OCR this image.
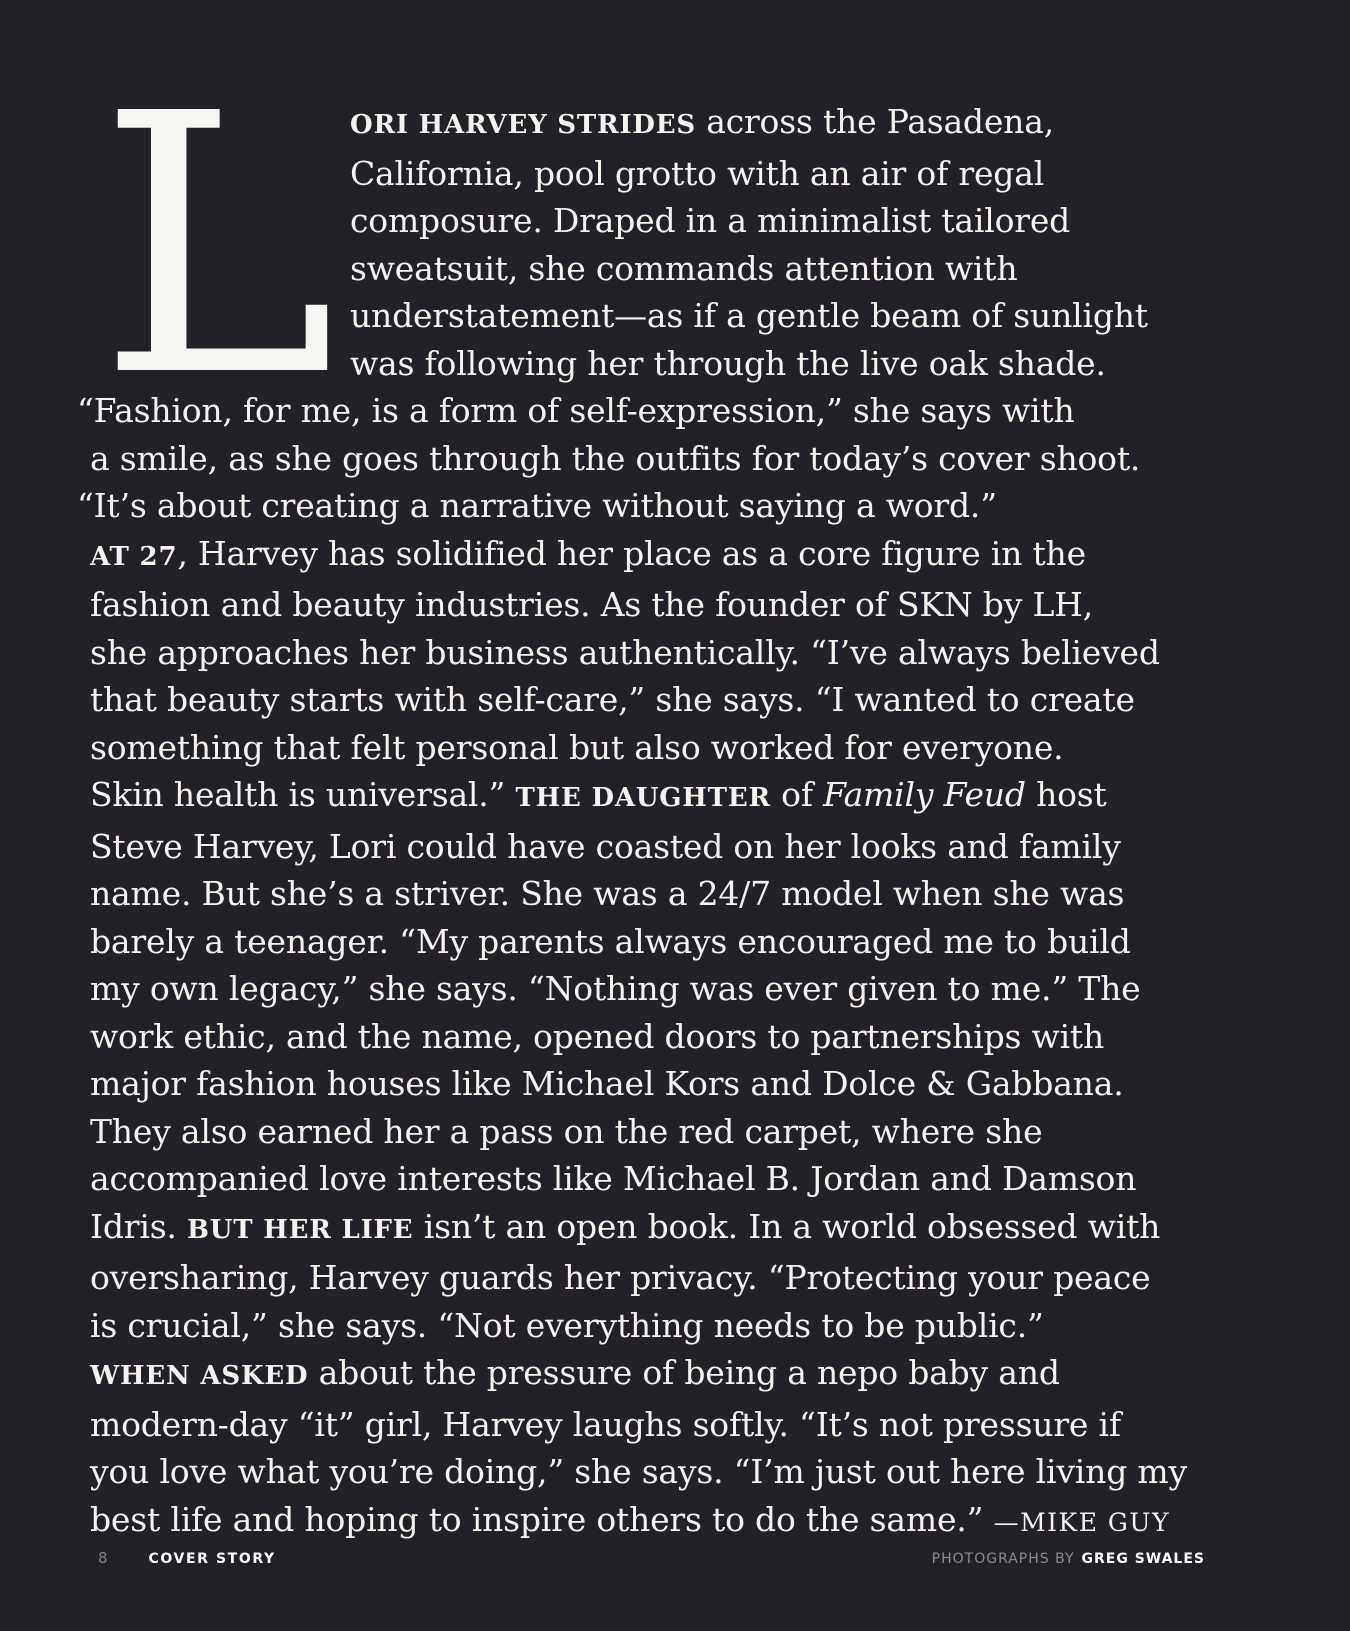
L ORI HARVEY STRIDES across the Pasadena,
California, pool grotto with an air of regal
composure. Draped in a minimalist tailored
sweatsuit, she commands attention with
understatement—as if a gentle beam of sunlight
was following her through the live oak shade.
“Fashion, for me, is a form of self-expression,” she says with
a smile, as she goes through the outfits for today’s cover shoot.
“It’s about creating a narrative without saying a word.”
AT 27, Harvey has solidified her place as a core figure in the
fashion and beauty industries. As the founder of SKN by LH,
she approaches her business authentically. “I’ve always believed
that beauty starts with self-care,” she says. “I wanted to create
something that felt personal but also worked for everyone.
Skin health is universal.” THE DAUGHTER of Family Feud host
Steve Harvey, Lori could have coasted on her looks and family
name. But she’s a striver. She was a 24/7 model when she was
barely a teenager. “My parents always encouraged me to build
my own legacy,” she says. “Nothing was ever given to me.” The
work ethic, and the name, opened doors to partnerships with
major fashion houses like Michael Kors and Dolce & Gabbana.
They also earned her a pass on the red carpet, where she
accompanied love interests like Michael B. Jordan and Damson
Idris. BUT HER LIFE isn’t an open book. In a world obsessed with
oversharing, Harvey guards her privacy. “Protecting your peace
is crucial,” she says. “Not everything needs to be public.”
WHEN ASKED about the pressure of being a nepo baby and
modern-day “it” girl, Harvey laughs softly. “It’s not pressure if
you love what you’re doing,” she says. “I’m just out here living my
best life and hoping to inspire others to do the same.” —MIKE GUY
8	COVER STORY	PHOTOGRAPHS BY GREG SWALES
